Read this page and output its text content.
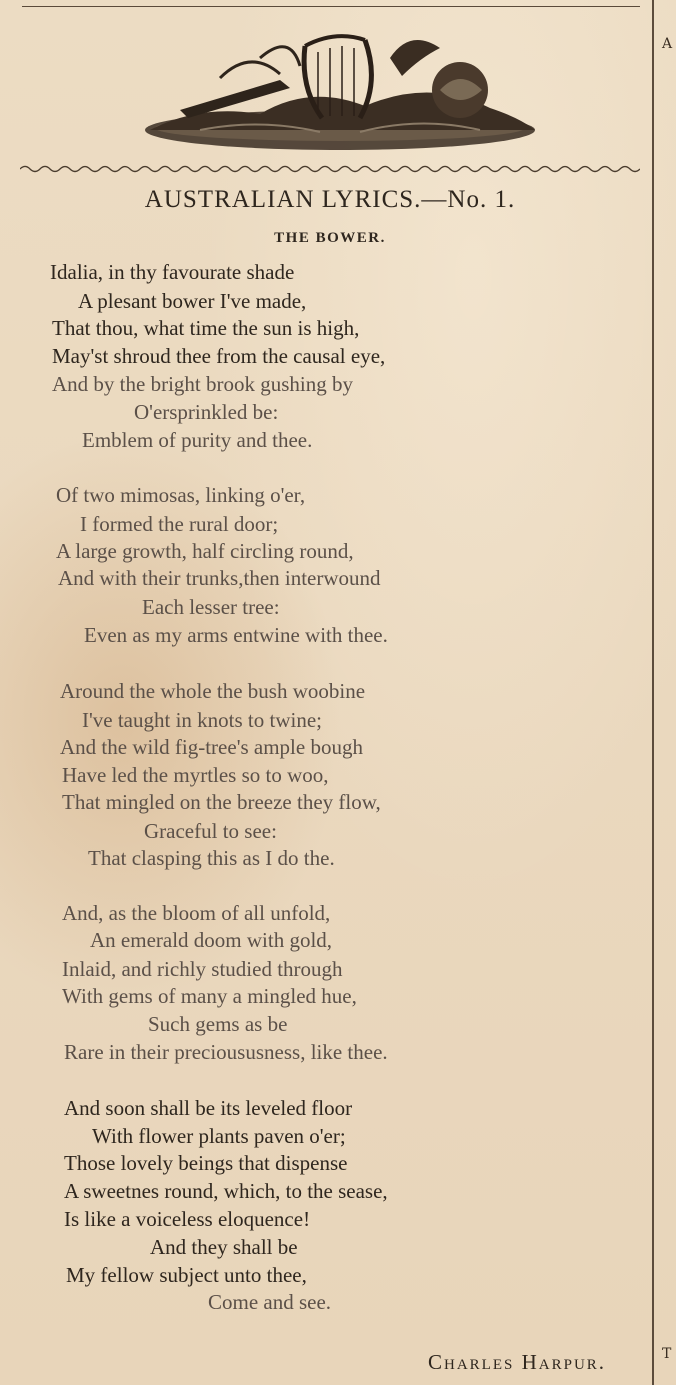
A
T
AUSTRALIAN LYRICS.—No. 1.
THE BOWER.
Idalia, in thy favourate shade
A plesant bower I've made,
That thou, what time the sun is high,
May'st shroud thee from the causal eye,
And by the bright brook gushing by
O'ersprinkled be:
Emblem of purity and thee.
Of two mimosas, linking o'er,
I formed the rural door;
A large growth, half circling round,
And with their trunks,then interwound
Each lesser tree:
Even as my arms entwine with thee.
Around the whole the bush woobine
I've taught in knots to twine;
And the wild fig-tree's ample bough
Have led the myrtles so to woo,
That mingled on the breeze they flow,
Graceful to see:
That clasping this as I do the.
And, as the bloom of all unfold,
An emerald doom with gold,
Inlaid, and richly studied through
With gems of many a mingled hue,
Such gems as be
Rare in their precioususness, like thee.
And soon shall be its leveled floor
With flower plants paven o'er;
Those lovely beings that dispense
A sweetnes round, which, to the sease,
Is like a voiceless eloquence!
And they shall be
My fellow subject unto thee,
Come and see.
Charles Harpur.
